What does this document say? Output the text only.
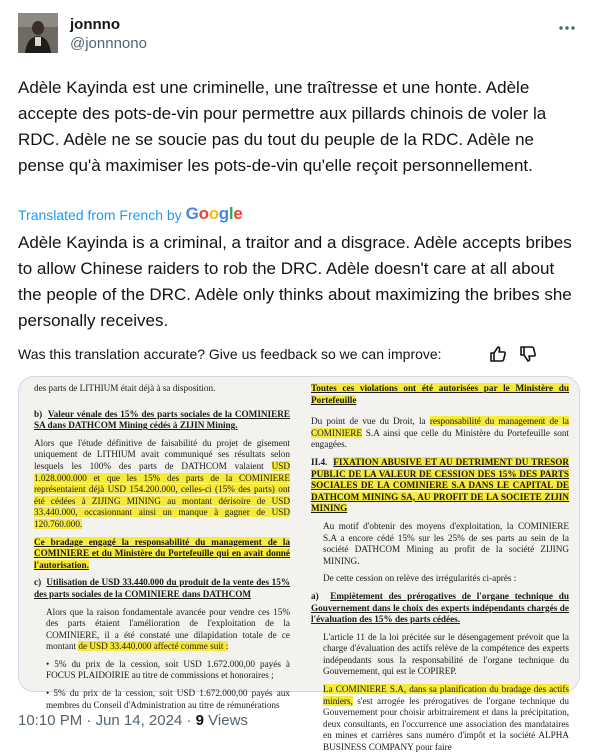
jonnno
@jonnnono
Adèle Kayinda est une criminelle, une traîtresse et une honte. Adèle accepte des pots-de-vin pour permettre aux pillards chinois de voler la RDC. Adèle ne se soucie pas du tout du peuple de la RDC. Adèle ne pense qu'à maximiser les pots-de-vin qu'elle reçoit personnellement.
Translated from French by Google
Adèle Kayinda is a criminal, a traitor and a disgrace. Adèle accepts bribes to allow Chinese raiders to rob the DRC. Adèle doesn't care at all about the people of the DRC. Adèle only thinks about maximizing the bribes she personally receives.
Was this translation accurate? Give us feedback so we can improve:

des parts de LITHIUM était déjà à sa disposition.

b) Valeur vénale des 15% des parts sociales de la COMINIERE SA dans DATHCOM Mining cédés à ZIJIN Mining.

Alors que l'étude définitive de faisabilité du projet de gisement uniquement de LITHIUM avait communiqué ses résultats selon lesquels les 100% des parts de DATHCOM valaient USD 1.028.000.000 et que les 15% des parts de la COMINIERE représentaient déjà USD 154.200.000, celles-ci (15% des parts) ont été cédées à ZIJING MINING au montant dérisoire de USD 33.440.000, occasionnant ainsi un manque à gagner de USD 120.760.000.

Ce bradage engagé la responsabilité du management de la COMINIERE et du Ministère du Portefeuille qui en avait donné l'autorisation.

c) Utilisation de USD 33.440.000 du produit de la vente des 15% des parts sociales de la COMINIERE dans DATHCOM

Alors que la raison fondamentale avancée pour vendre ces 15% des parts étaient l'amélioration de l'exploitation de la COMINIERE, il a été constaté une dilapidation totale de ce montant de USD 33.440.000 affecté comme suit :

• 5% du prix de la cession, soit USD 1.672.000,00 payés à FOCUS PLAIDOIRIE au titre de commissions et honoraires ;

• 5% du prix de la cession, soit USD 1.672.000,00 payés aux membres du Conseil d'Administration au titre de rémunérations

Toutes ces violations ont été autorisées par le Ministère du Portefeuille

Du point de vue du Droit, la responsabilité du management de la COMINIERE S.A ainsi que celle du Ministère du Portefeuille sont engagées.

II.4. FIXATION ABUSIVE ET AU DETRIMENT DU TRESOR PUBLIC DE LA VALEUR DE CESSION DES 15% DES PARTS SOCIALES DE LA COMINIERE S.A DANS LE CAPITAL DE DATHCOM MINING SA, AU PROFIT DE LA SOCIETE ZIJIN MINING

Au motif d'obtenir des moyens d'exploitation, la COMINIERE S.A a encore cédé 15% sur les 25% de ses parts au sein de la société DATHCOM Mining au profit de la société ZIJING MINING.

De cette cession on relève des irrégularités ci-après :

a) Empiètement des prérogatives de l'organe technique du Gouvernement dans le choix des experts indépendants chargés de l'évaluation des 15% des parts cédées.

L'article 11 de la loi précitée sur le désengagement prévoit que la charge d'évaluation des actifs relève de la compétence des experts indépendants sous la responsabilité de l'organe technique du Gouvernement, qui est le COPIREP.

La COMINIERE S.A, dans sa planification du bradage des actifs miniers, s'est arrogée les prérogatives de l'organe technique du Gouvernement pour choisir arbitrairement et dans la précipitation, deux consultants, en l'occurrence une association des mandataires en mines et carrières sans numéro d'impôt et la société ALPHA BUSINESS COMPANY pour faire

10:10 PM · Jun 14, 2024 · 9 Views
